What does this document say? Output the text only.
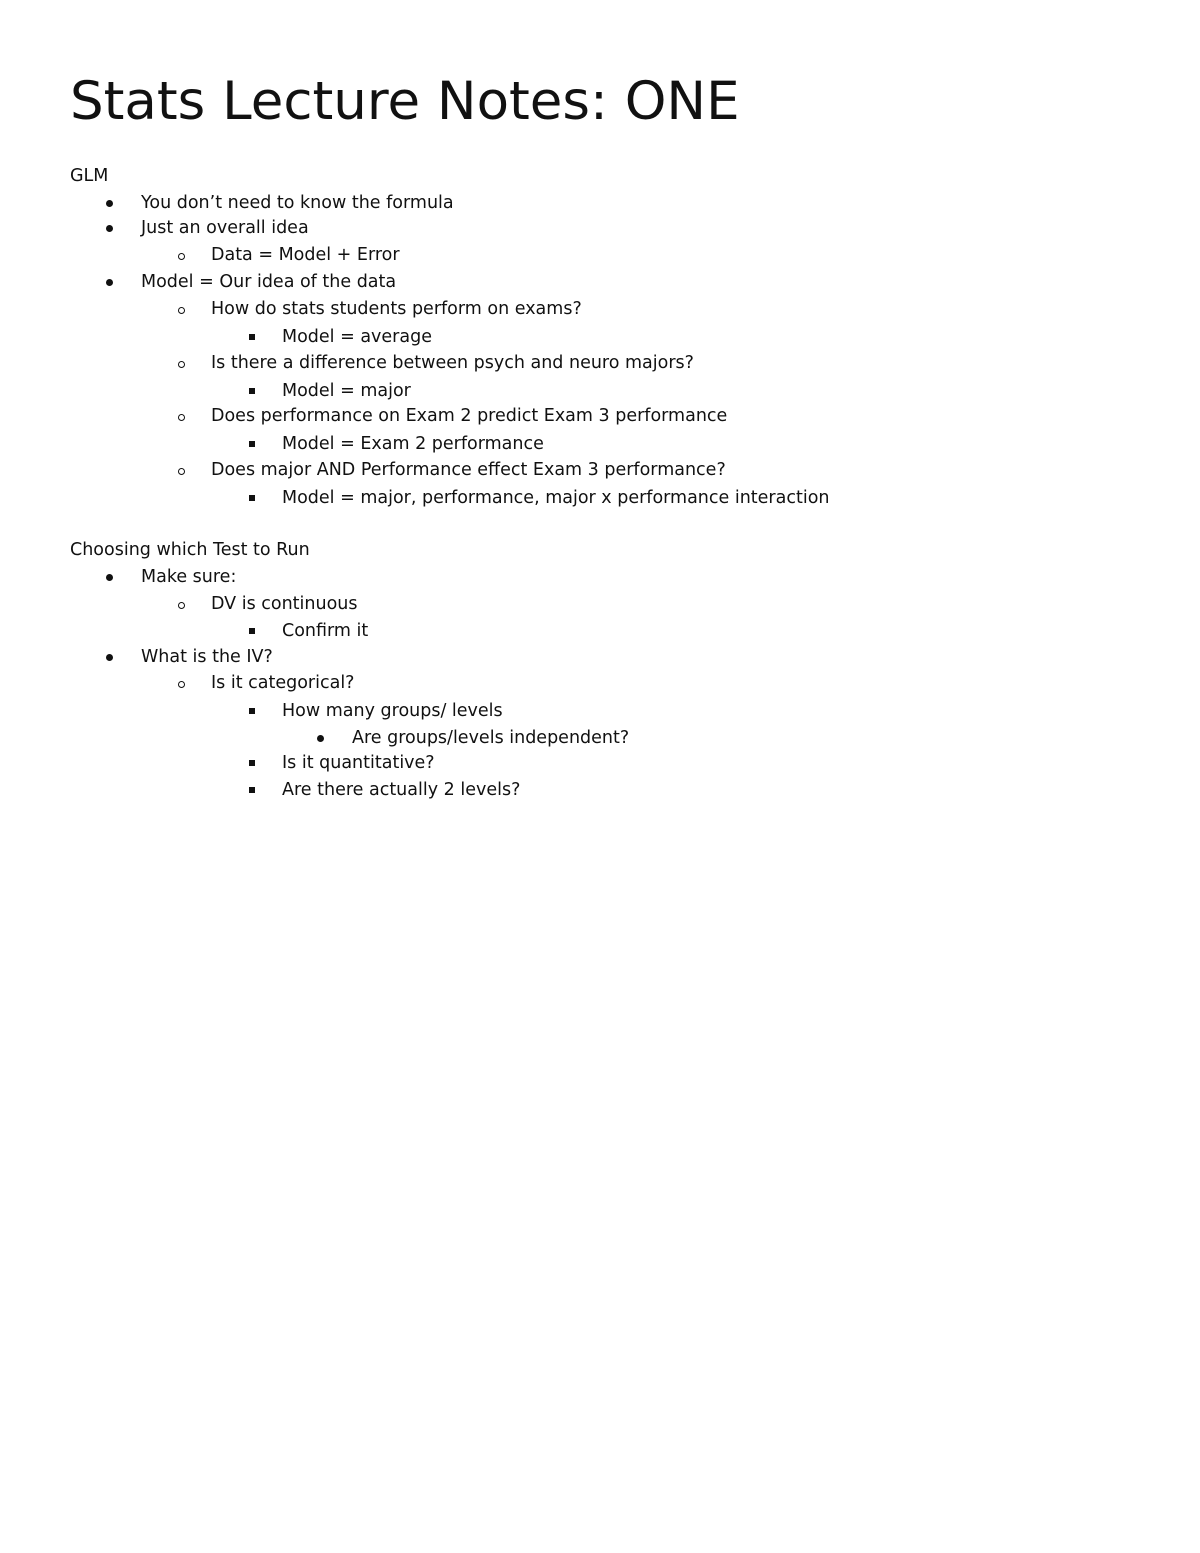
Stats Lecture Notes: ONE
GLM
You don’t need to know the formula
Just an overall idea
Data = Model + Error
Model = Our idea of the data
How do stats students perform on exams?
Model = average
Is there a difference between psych and neuro majors?
Model = major
Does performance on Exam 2 predict Exam 3 performance
Model = Exam 2 performance
Does major AND Performance effect Exam 3 performance?
Model = major, performance, major x performance interaction
Choosing which Test to Run
Make sure:
DV is continuous
Confirm it
What is the IV?
Is it categorical?
How many groups/ levels
Are groups/levels independent?
Is it quantitative?
Are there actually 2 levels?
